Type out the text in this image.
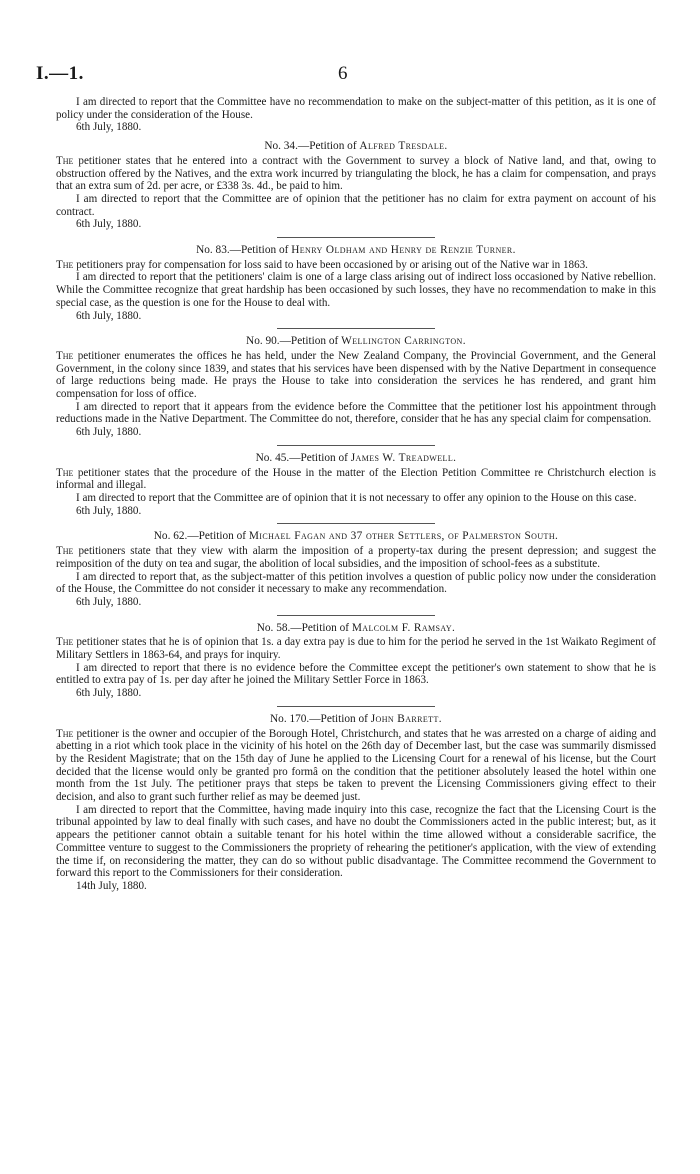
I.—1.	6

I am directed to report that the Committee have no recommendation to make on the subject-matter of this petition, as it is one of policy under the consideration of the House.

6th July, 1880.

No. 34.—Petition of Alfred Tresdale.

The petitioner states that he entered into a contract with the Government to survey a block of Native land, and that, owing to obstruction offered by the Natives, and the extra work incurred by triangulating the block, he has a claim for compensation, and prays that an extra sum of 2d. per acre, or £338 3s. 4d., be paid to him.

I am directed to report that the Committee are of opinion that the petitioner has no claim for extra payment on account of his contract.

6th July, 1880.

No. 83.—Petition of Henry Oldham and Henry de Renzie Turner.

The petitioners pray for compensation for loss said to have been occasioned by or arising out of the Native war in 1863.

I am directed to report that the petitioners' claim is one of a large class arising out of indirect loss occasioned by Native rebellion. While the Committee recognize that great hardship has been occasioned by such losses, they have no recommendation to make in this special case, as the question is one for the House to deal with.

6th July, 1880.

No. 90.—Petition of Wellington Carrington.

The petitioner enumerates the offices he has held, under the New Zealand Company, the Provincial Government, and the General Government, in the colony since 1839, and states that his services have been dispensed with by the Native Department in consequence of large reductions being made. He prays the House to take into consideration the services he has rendered, and grant him compensation for loss of office.

I am directed to report that it appears from the evidence before the Committee that the petitioner lost his appointment through reductions made in the Native Department. The Committee do not, therefore, consider that he has any special claim for compensation.

6th July, 1880.

No. 45.—Petition of James W. Treadwell.

The petitioner states that the procedure of the House in the matter of the Election Petition Committee re Christchurch election is informal and illegal.

I am directed to report that the Committee are of opinion that it is not necessary to offer any opinion to the House on this case.

6th July, 1880.

No. 62.—Petition of Michael Fagan and 37 other Settlers, of Palmerston South.

The petitioners state that they view with alarm the imposition of a property-tax during the present depression; and suggest the reimposition of the duty on tea and sugar, the abolition of local subsidies, and the imposition of school-fees as a substitute.

I am directed to report that, as the subject-matter of this petition involves a question of public policy now under the consideration of the House, the Committee do not consider it necessary to make any recommendation.

6th July, 1880.

No. 58.—Petition of Malcolm F. Ramsay.

The petitioner states that he is of opinion that 1s. a day extra pay is due to him for the period he served in the 1st Waikato Regiment of Military Settlers in 1863-64, and prays for inquiry.

I am directed to report that there is no evidence before the Committee except the petitioner's own statement to show that he is entitled to extra pay of 1s. per day after he joined the Military Settler Force in 1863.

6th July, 1880.

No. 170.—Petition of John Barrett.

The petitioner is the owner and occupier of the Borough Hotel, Christchurch, and states that he was arrested on a charge of aiding and abetting in a riot which took place in the vicinity of his hotel on the 26th day of December last, but the case was summarily dismissed by the Resident Magistrate; that on the 15th day of June he applied to the Licensing Court for a renewal of his license, but the Court decided that the license would only be granted pro formâ on the condition that the petitioner absolutely leased the hotel within one month from the 1st July. The petitioner prays that steps be taken to prevent the Licensing Commissioners giving effect to their decision, and also to grant such further relief as may be deemed just.

I am directed to report that the Committee, having made inquiry into this case, recognize the fact that the Licensing Court is the tribunal appointed by law to deal finally with such cases, and have no doubt the Commissioners acted in the public interest; but, as it appears the petitioner cannot obtain a suitable tenant for his hotel within the time allowed without a considerable sacrifice, the Committee venture to suggest to the Commissioners the propriety of rehearing the petitioner's application, with the view of extending the time if, on reconsidering the matter, they can do so without public disadvantage. The Committee recommend the Government to forward this report to the Commissioners for their consideration.

14th July, 1880.
